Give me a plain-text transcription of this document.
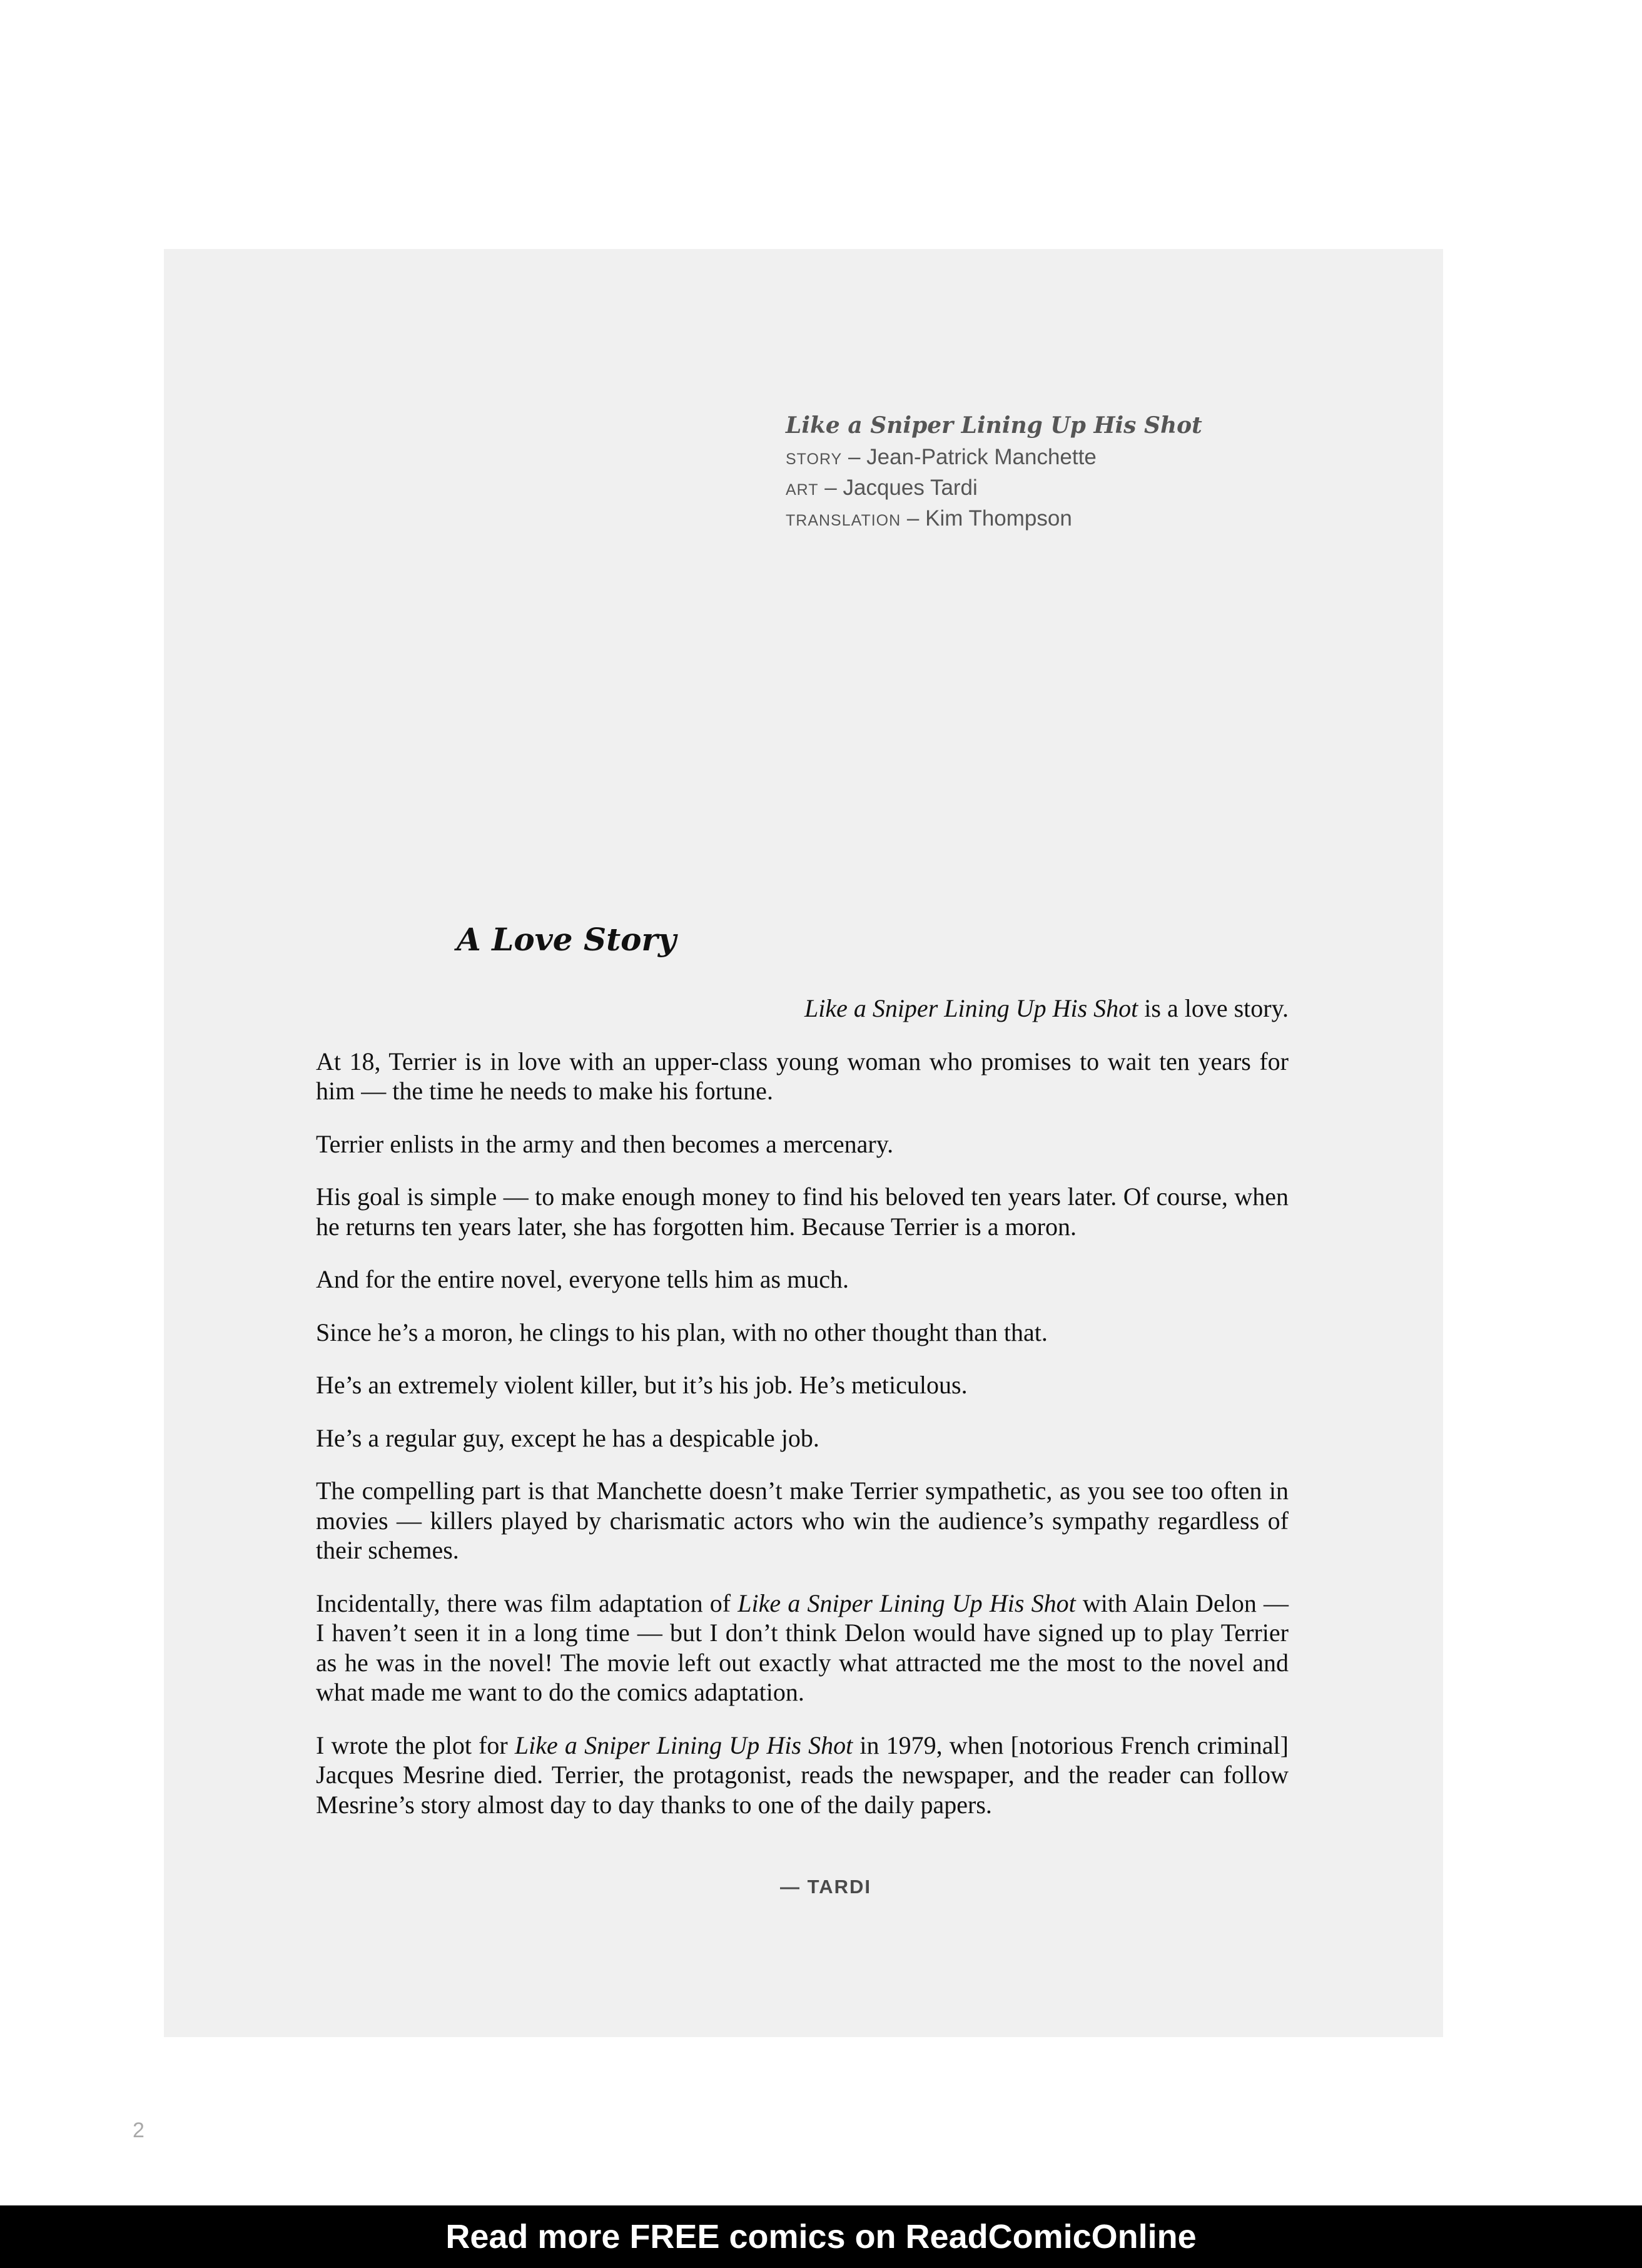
Like a Sniper Lining Up His Shot
STORY – Jean-Patrick Manchette
ART – Jacques Tardi
TRANSLATION – Kim Thompson
A Love Story

Like a Sniper Lining Up His Shot is a love story.

At 18, Terrier is in love with an upper-class young woman who promises to wait ten years for him — the time he needs to make his fortune.

Terrier enlists in the army and then becomes a mercenary.

His goal is simple — to make enough money to find his beloved ten years later. Of course, when he returns ten years later, she has forgotten him. Because Terrier is a moron.

And for the entire novel, everyone tells him as much.

Since he’s a moron, he clings to his plan, with no other thought than that.

He’s an extremely violent killer, but it’s his job. He’s meticulous.

He’s a regular guy, except he has a despicable job.

The compelling part is that Manchette doesn’t make Terrier sympathetic, as you see too often in movies — killers played by charismatic actors who win the audience’s sympathy regardless of their schemes.

Incidentally, there was film adaptation of Like a Sniper Lining Up His Shot with Alain Delon — I haven’t seen it in a long time — but I don’t think Delon would have signed up to play Terrier as he was in the novel! The movie left out exactly what attracted me the most to the novel and what made me want to do the comics adaptation.

I wrote the plot for Like a Sniper Lining Up His Shot in 1979, when [notorious French criminal] Jacques Mesrine died. Terrier, the protagonist, reads the newspaper, and the reader can follow Mesrine’s story almost day to day thanks to one of the daily papers.

— TARDI
2
Read more FREE comics on ReadComicOnline
